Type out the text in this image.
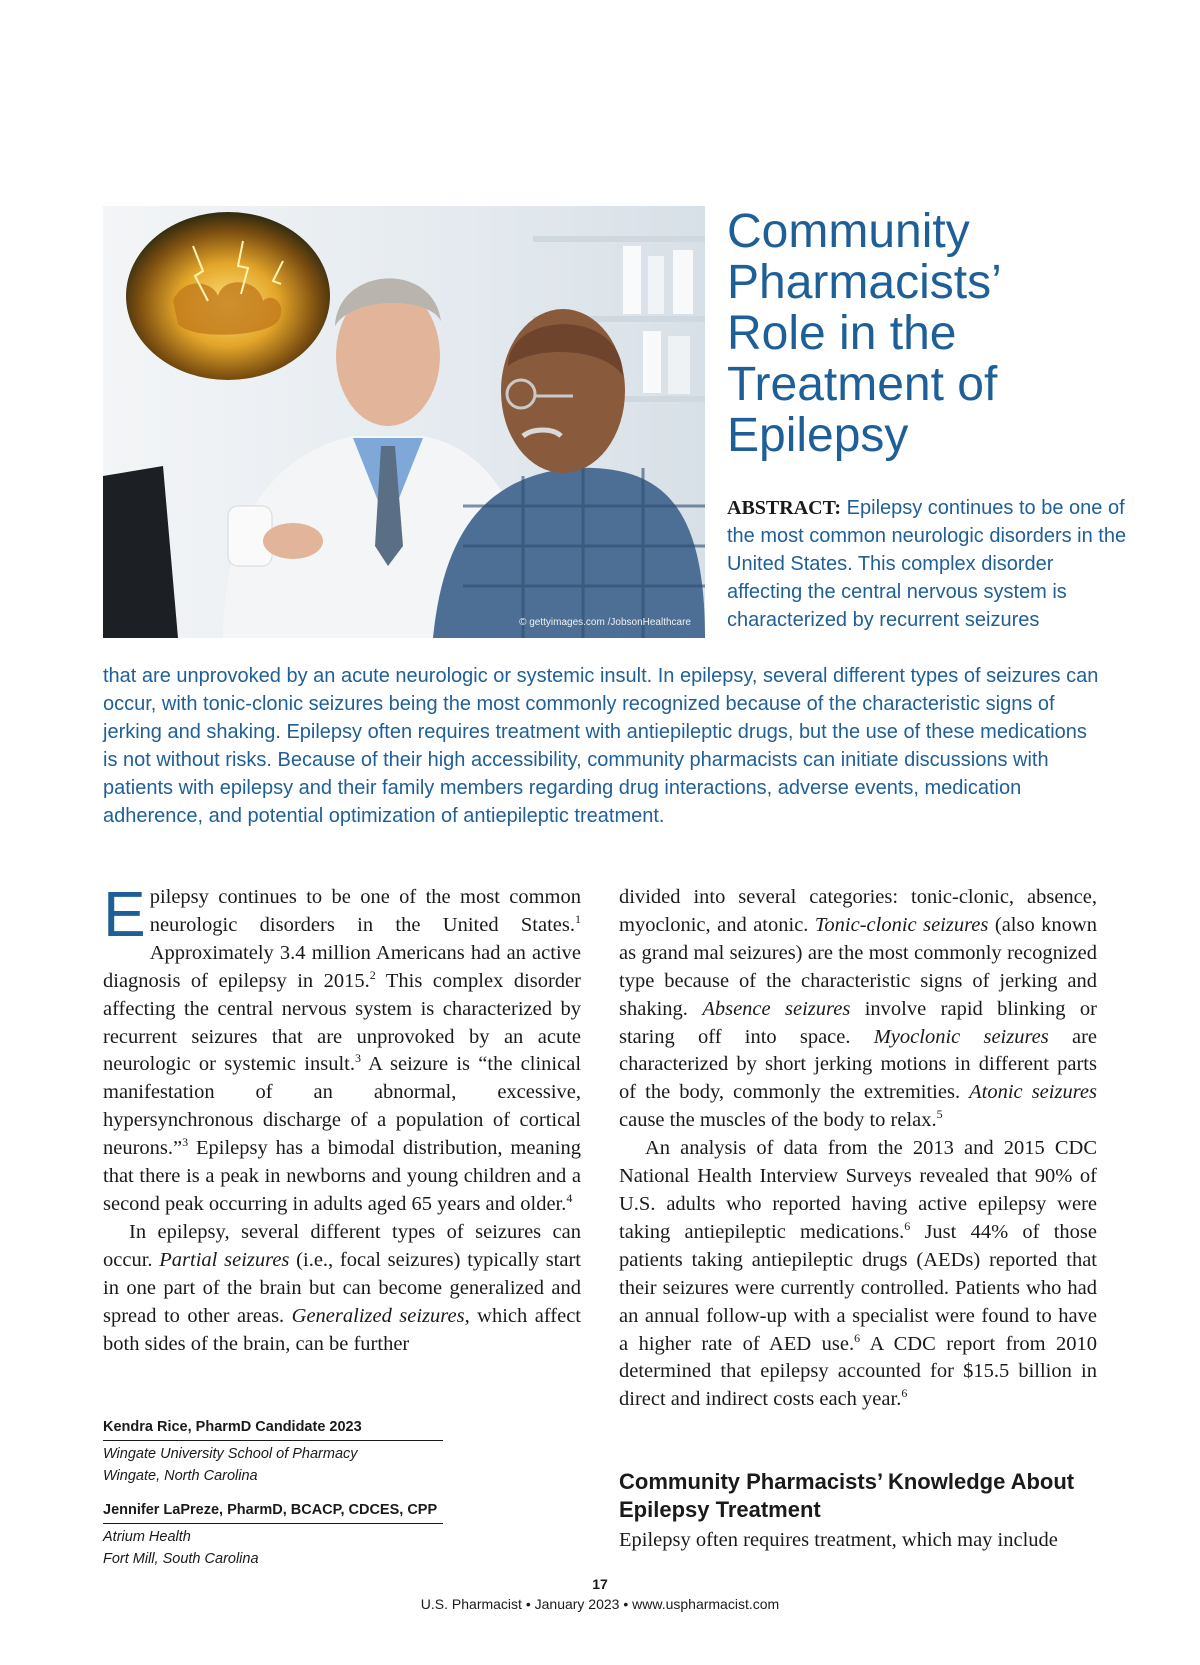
© gettyimages.com /JobsonHealthcare
Community
Pharmacists’
Role in the
Treatment of
Epilepsy

ABSTRACT: Epilepsy continues to be one of the most common neurologic disorders in the United States. This complex disorder affecting the central nervous system is characterized by recurrent seizures

that are unprovoked by an acute neurologic or systemic insult. In epilepsy, several different types of seizures can occur, with tonic-clonic seizures being the most commonly recognized because of the characteristic signs of jerking and shaking. Epilepsy often requires treatment with antiepileptic drugs, but the use of these medications is not without risks. Because of their high accessibility, community pharmacists can initiate discussions with patients with epilepsy and their family members regarding drug interactions, adverse events, medication adherence, and potential optimization of antiepileptic treatment.

Epilepsy continues to be one of the most common neurologic disorders in the United States.$^1$ Approximately 3.4 million Americans had an active diagnosis of epilepsy in 2015.$^2$ This complex disorder affecting the central nervous system is characterized by recurrent seizures that are unprovoked by an acute neurologic or systemic insult.$^3$ A seizure is “the clinical manifestation of an abnormal, excessive, hypersynchronous discharge of a population of cortical neurons.”$^3$ Epilepsy has a bimodal distribution, meaning that there is a peak in newborns and young children and a second peak occurring in adults aged 65 years and older.$^4$

In epilepsy, several different types of seizures can occur. Partial seizures (i.e., focal seizures) typically start in one part of the brain but can become generalized and spread to other areas. Generalized seizures, which affect both sides of the brain, can be further

Kendra Rice, PharmD Candidate 2023
Wingate University School of Pharmacy
Wingate, North Carolina
Jennifer LaPreze, PharmD, BCACP, CDCES, CPP
Atrium Health
Fort Mill, South Carolina

divided into several categories: tonic-clonic, absence, myoclonic, and atonic. Tonic-clonic seizures (also known as grand mal seizures) are the most commonly recognized type because of the characteristic signs of jerking and shaking. Absence seizures involve rapid blinking or staring off into space. Myoclonic seizures are characterized by short jerking motions in different parts of the body, commonly the extremities. Atonic seizures cause the muscles of the body to relax.$^5$

An analysis of data from the 2013 and 2015 CDC National Health Interview Surveys revealed that 90% of U.S. adults who reported having active epilepsy were taking antiepileptic medications.$^6$ Just 44% of those patients taking antiepileptic drugs (AEDs) reported that their seizures were currently controlled. Patients who had an annual follow-up with a specialist were found to have a higher rate of AED use.$^6$ A CDC report from 2010 determined that epilepsy accounted for $15.5 billion in direct and indirect costs each year.$^6$

Community Pharmacists’ Knowledge About Epilepsy Treatment

Epilepsy often requires treatment, which may include

17
U.S. Pharmacist • January 2023 • www.uspharmacist.com
